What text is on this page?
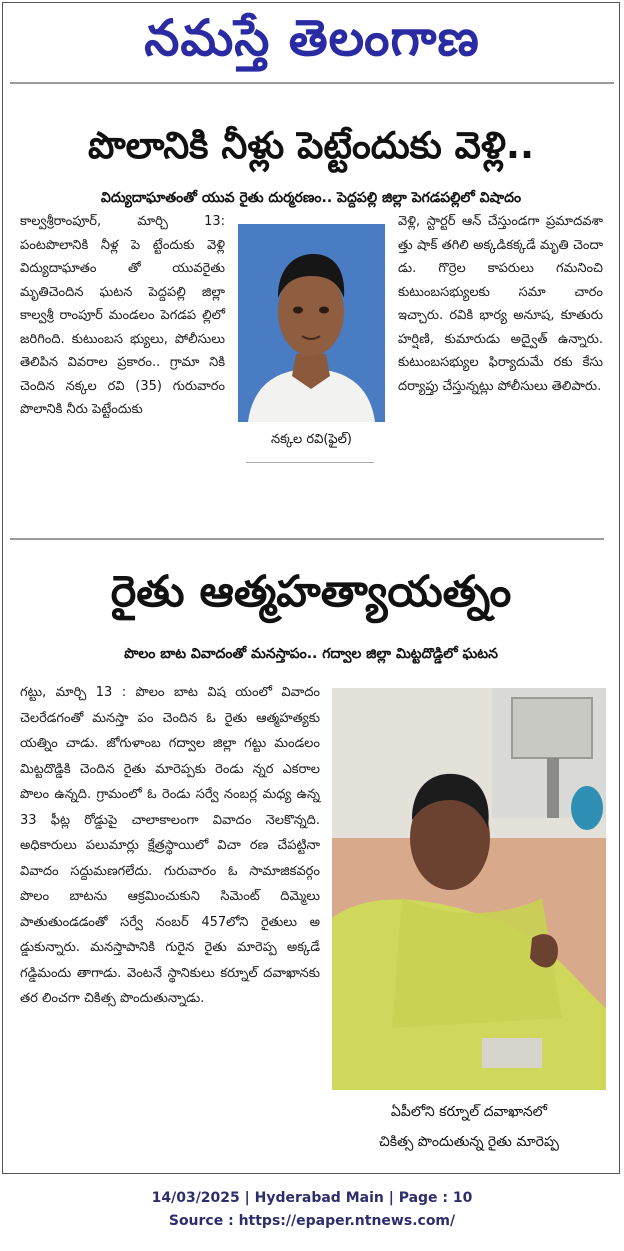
నమస్తే తెలంగాణ
పొలానికి నీళ్లు పెట్టేందుకు వెళ్లి..
విద్యుదాఘాతంతో యువ రైతు దుర్మరణం.. పెద్దపల్లి జిల్లా పెగడపల్లిలో విషాదం
కాల్వశ్రీరాంపూర్, మార్చి 13: పంటపొలానికి నీళ్ల పె ట్టేందుకు వెళ్లి విద్యుదాఘాతం తో యువరైతు మృతిచెందిన ఘటన పెద్దపల్లి జిల్లా కాల్వశ్రీ రాంపూర్ మండలం పెగడప ల్లిలో జరిగింది. కుటుంబస భ్యులు, పోలీసులు తెలిపిన వివరాల ప్రకారం.. గ్రామా నికి చెందిన నక్కల రవి (35) గురువారం పొలానికి నీరు పెట్టేందుకు
నక్కల రవి(ఫైల్)
వెళ్లి, స్టార్టర్ ఆన్ చేస్తుండగా ప్రమాదవశా త్తు షాక్ తగిలి అక్కడికక్కడే మృతి చెందా డు. గొర్రెల కాపరులు గమనించి కుటుంబసభ్యులకు సమా చారం ఇచ్చారు. రవికి భార్య అనూష, కూతురు హర్షిణి, కుమారుడు అద్వైత్ ఉన్నారు. కుటుంబసభ్యుల ఫిర్యాదుమే రకు కేసు దర్యాప్తు చేస్తున్నట్లు పోలీసులు తెలిపారు.
రైతు ఆత్మహత్యాయత్నం
పొలం బాట వివాదంతో మనస్తాపం.. గద్వాల జిల్లా మిట్టదొడ్డిలో ఘటన
గట్టు, మార్చి 13 : పొలం బాట విష యంలో వివాదం చెలరేడగంతో మనస్తా పం చెందిన ఓ రైతు ఆత్మహత్యకు యత్నిం చాడు. జోగుళాంబ గద్వాల జిల్లా గట్టు మండలం మిట్టదొడ్డికి చెందిన రైతు మారెప్పకు రెండు న్నర ఎకరాల పొలం ఉన్నది. గ్రామంలో ఓ రెండు సర్వే నంబర్ల మధ్య ఉన్న 33 ఫీట్ల రోడ్డుపై చాలాకాలంగా వివాదం నెలకొన్నది. అధికారులు పలుమార్లు క్షేత్రస్థాయిలో విచా రణ చేపట్టినా వివాదం సద్దుమణగలేదు. గురువారం ఓ సామాజికవర్గం పొలం బాటను ఆక్రమించుకుని సిమెంట్ దిమ్మెలు పాతుతుండడంతో సర్వే నంబర్ 457లోని రైతులు అ డ్డుకున్నారు. మనస్తాపానికి గురైన రైతు మారెప్ప అక్కడే గడ్డిమందు తాగాడు. వెంటనే స్థానికులు కర్నూల్ దవాఖానకు తర లించగా చికిత్స పొందుతున్నాడు.
ఏపీలోని కర్నూల్ దవాఖానలో
చికిత్స పొందుతున్న రైతు మారెప్ప
14/03/2025 | Hyderabad Main | Page : 10
Source : https://epaper.ntnews.com/
